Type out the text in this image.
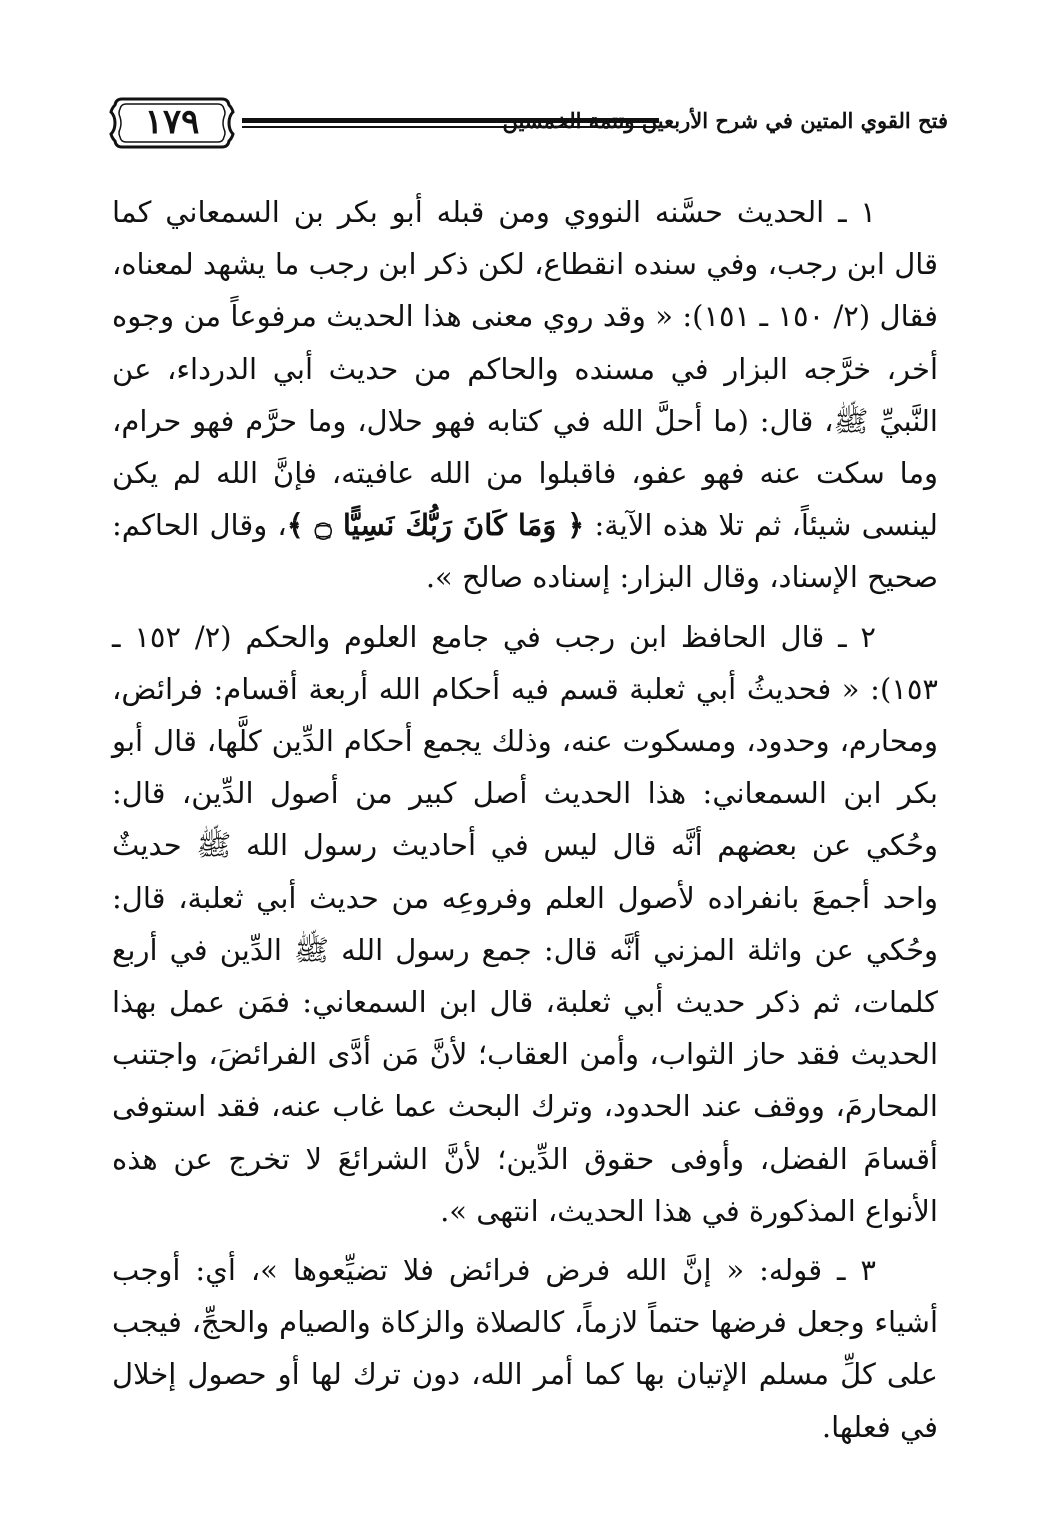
١٧٩	فتح القوي المتين في شرح الأربعين وتتمة الخمسين

١ ـ الحديث حسَّنه النووي ومن قبله أبو بكر بن السمعاني كما قال ابن رجب، وفي سنده انقطاع، لكن ذكر ابن رجب ما يشهد لمعناه، فقال (٢/ ١٥٠ ـ ١٥١): « وقد روي معنى هذا الحديث مرفوعاً من وجوه أخر، خرَّجه البزار في مسنده والحاكم من حديث أبي الدرداء، عن النَّبيِّ ﷺ، قال: (ما أحلَّ الله في كتابه فهو حلال، وما حرَّم فهو حرام، وما سكت عنه فهو عفو، فاقبلوا من الله عافيته، فإنَّ الله لم يكن لينسى شيئاً، ثم تلا هذه الآية: ﴿ وَمَا كَانَ رَبُّكَ نَسِيًّا ۝ ﴾، وقال الحاكم: صحيح الإسناد، وقال البزار: إسناده صالح ».

٢ ـ قال الحافظ ابن رجب في جامع العلوم والحكم (٢/ ١٥٢ ـ ١٥٣): « فحديثُ أبي ثعلبة قسم فيه أحكام الله أربعة أقسام: فرائض، ومحارم، وحدود، ومسكوت عنه، وذلك يجمع أحكام الدِّين كلَّها، قال أبو بكر ابن السمعاني: هذا الحديث أصل كبير من أصول الدِّين، قال: وحُكي عن بعضهم أنَّه قال ليس في أحاديث رسول الله ﷺ حديثٌ واحد أجمعَ بانفراده لأصول العلم وفروعِه من حديث أبي ثعلبة، قال: وحُكي عن واثلة المزني أنَّه قال: جمع رسول الله ﷺ الدِّين في أربع كلمات، ثم ذكر حديث أبي ثعلبة، قال ابن السمعاني: فمَن عمل بهذا الحديث فقد حاز الثواب، وأمن العقاب؛ لأنَّ مَن أدَّى الفرائضَ، واجتنب المحارمَ، ووقف عند الحدود، وترك البحث عما غاب عنه، فقد استوفى أقسامَ الفضل، وأوفى حقوق الدِّين؛ لأنَّ الشرائعَ لا تخرج عن هذه الأنواع المذكورة في هذا الحديث، انتهى ».

٣ ـ قوله: « إنَّ الله فرض فرائض فلا تضيِّعوها »، أي: أوجب أشياء وجعل فرضها حتماً لازماً، كالصلاة والزكاة والصيام والحجِّ، فيجب على كلِّ مسلم الإتيان بها كما أمر الله، دون ترك لها أو حصول إخلال في فعلها.
